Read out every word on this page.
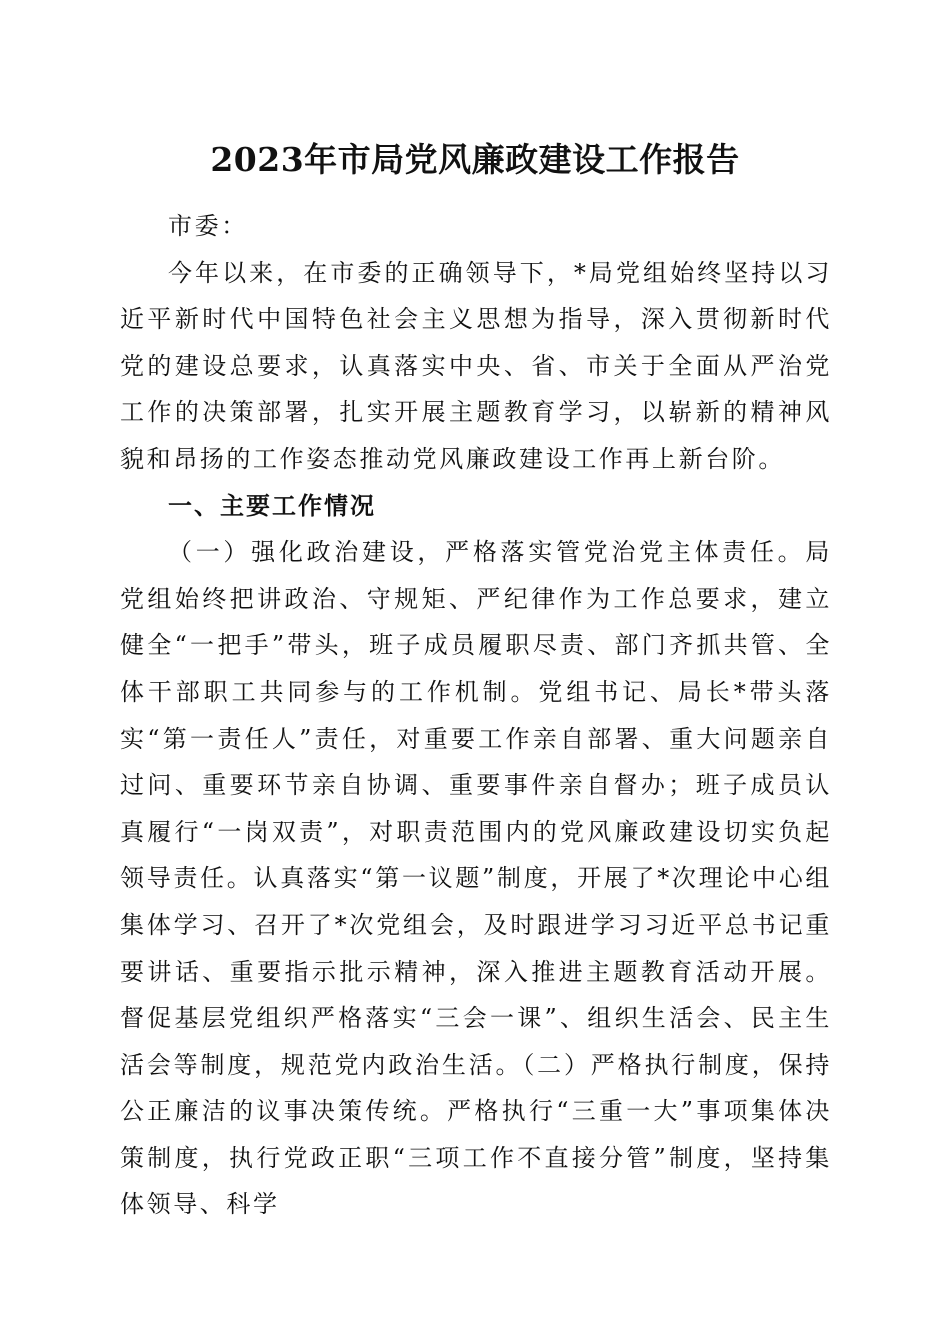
2023年市局党风廉政建设工作报告

市委：

今年以来，在市委的正确领导下，*局党组始终坚持以习近平新时代中国特色社会主义思想为指导，深入贯彻新时代党的建设总要求，认真落实中央、省、市关于全面从严治党工作的决策部署，扎实开展主题教育学习，以崭新的精神风貌和昂扬的工作姿态推动党风廉政建设工作再上新台阶。

一、主要工作情况

（一）强化政治建设，严格落实管党治党主体责任。局党组始终把讲政治、守规矩、严纪律作为工作总要求，建立健全“一把手”带头，班子成员履职尽责、部门齐抓共管、全体干部职工共同参与的工作机制。党组书记、局长*带头落实“第一责任人”责任，对重要工作亲自部署、重大问题亲自过问、重要环节亲自协调、重要事件亲自督办；班子成员认真履行“一岗双责”，对职责范围内的党风廉政建设切实负起领导责任。认真落实“第一议题”制度，开展了*次理论中心组集体学习、召开了*次党组会，及时跟进学习习近平总书记重要讲话、重要指示批示精神，深入推进主题教育活动开展。督促基层党组织严格落实“三会一课”、组织生活会、民主生活会等制度，规范党内政治生活。（二）严格执行制度，保持公正廉洁的议事决策传统。严格执行“三重一大”事项集体决策制度，执行党政正职“三项工作不直接分管”制度，坚持集体领导、科学
